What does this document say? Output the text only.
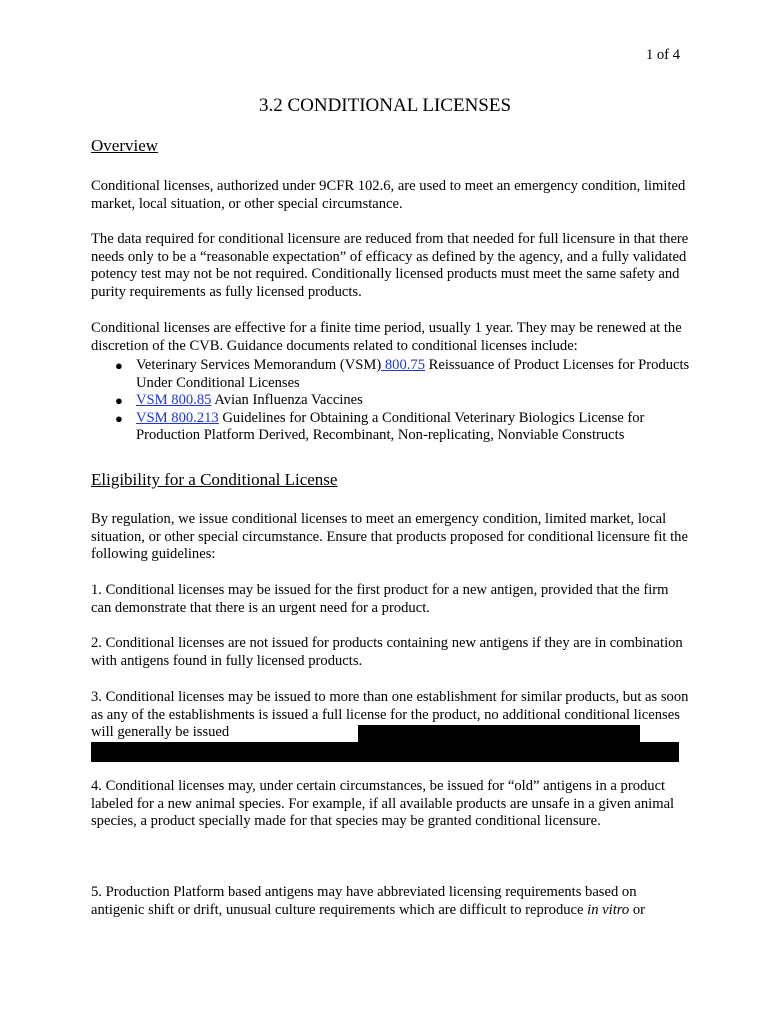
1 of 4
3.2 CONDITIONAL LICENSES
Overview

Conditional licenses, authorized under 9CFR 102.6, are used to meet an emergency condition, limited market, local situation, or other special circumstance.

The data required for conditional licensure are reduced from that needed for full licensure in that there needs only to be a “reasonable expectation” of efficacy as defined by the agency, and a fully validated potency test may not be not required. Conditionally licensed products must meet the same safety and purity requirements as fully licensed products.

Conditional licenses are effective for a finite time period, usually 1 year. They may be renewed at the discretion of the CVB. Guidance documents related to conditional licenses include:

● Veterinary Services Memorandum (VSM) 800.75 Reissuance of Product Licenses for Products Under Conditional Licenses
● VSM 800.85 Avian Influenza Vaccines
● VSM 800.213 Guidelines for Obtaining a Conditional Veterinary Biologics License for Production Platform Derived, Recombinant, Non-replicating, Nonviable Constructs
Eligibility for a Conditional License

By regulation, we issue conditional licenses to meet an emergency condition, limited market, local situation, or other special circumstance. Ensure that products proposed for conditional licensure fit the following guidelines:

1. Conditional licenses may be issued for the first product for a new antigen, provided that the firm can demonstrate that there is an urgent need for a product.

2. Conditional licenses are not issued for products containing new antigens if they are in combination with antigens found in fully licensed products.

3. Conditional licenses may be issued to more than one establishment for similar products, but as soon as any of the establishments is issued a full license for the product, no additional conditional licenses will generally be issued

4. Conditional licenses may, under certain circumstances, be issued for “old” antigens in a product labeled for a new animal species. For example, if all available products are unsafe in a given animal species, a product specially made for that species may be granted conditional licensure.

5. Production Platform based antigens may have abbreviated licensing requirements based on antigenic shift or drift, unusual culture requirements which are difficult to reproduce in vitro or
